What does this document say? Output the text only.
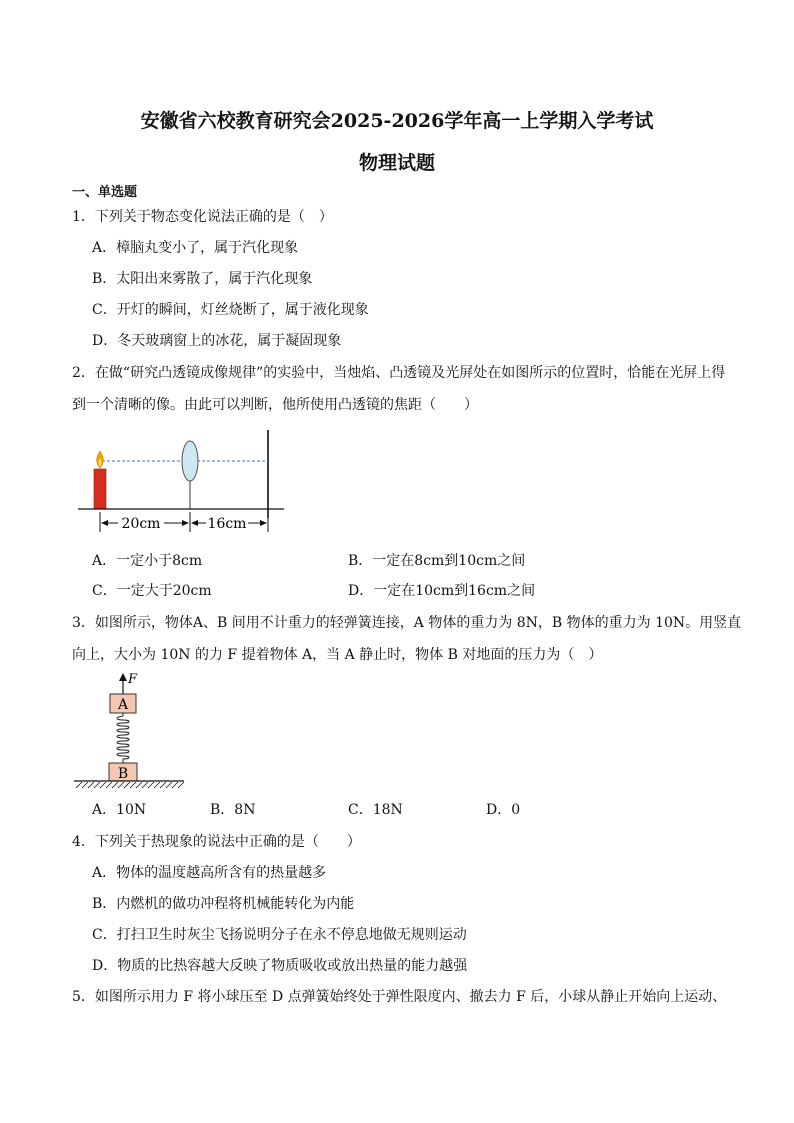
安徽省六校教育研究会2025-2026学年高一上学期入学考试
物理试题
一、单选题
1．下列关于物态变化说法正确的是（　）
A．樟脑丸变小了，属于汽化现象
B．太阳出来雾散了，属于汽化现象
C．开灯的瞬间，灯丝烧断了，属于液化现象
D．冬天玻璃窗上的冰花，属于凝固现象
2．在做“研究凸透镜成像规律”的实验中，当烛焰、凸透镜及光屏处在如图所示的位置时，恰能在光屏上得
到一个清晰的像。由此可以判断，他所使用凸透镜的焦距（　　）
20cm	16cm
A．一定小于8cm	B．一定在8cm到10cm之间
C．一定大于20cm	D．一定在10cm到16cm之间
3．如图所示，物体A、B 间用不计重力的轻弹簧连接，A 物体的重力为 8N，B 物体的重力为 10N。用竖直
向上，大小为 10N 的力 F 提着物体 A，当 A 静止时，物体 B 对地面的压力为（　）
F
A
B
A．10N	B．8N	C．18N	D．0
4．下列关于热现象的说法中正确的是（　　）
A．物体的温度越高所含有的热量越多
B．内燃机的做功冲程将机械能转化为内能
C．打扫卫生时灰尘飞扬说明分子在永不停息地做无规则运动
D．物质的比热容越大反映了物质吸收或放出热量的能力越强
5．如图所示用力 F 将小球压至 D 点弹簧始终处于弹性限度内、撤去力 F 后，小球从静止开始向上运动、
